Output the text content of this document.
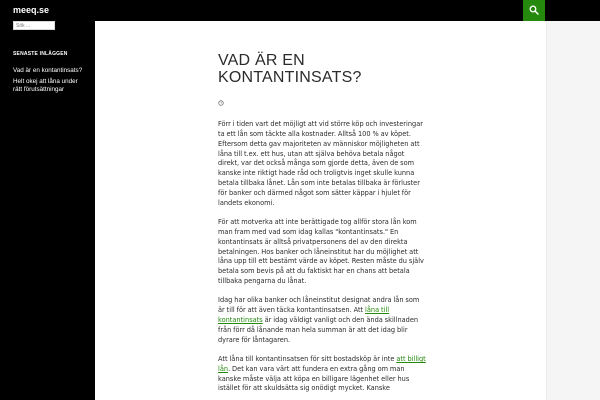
meeq.se
Sök ...
SENASTE INLÄGGEN
Vad är en kontantinsats?
Helt okej att låna under rätt förutsättningar
VAD ÄR EN KONTANTINSATS?

Förr i tiden vart det möjligt att vid större köp och investeringar ta ett lån som täckte alla kostnader. Alltså 100 % av köpet. Eftersom detta gav majoriteten av människor möjligheten att låna till t.ex. ett hus, utan att själva behöva betala något direkt, var det också många som gjorde detta, även de som kanske inte riktigt hade råd och troligtvis inget skulle kunna betala tillbaka lånet. Lån som inte betalas tillbaka är förluster för banker och därmed något som sätter käppar i hjulet för landets ekonomi.

För att motverka att inte berättigade tog allför stora lån kom man fram med vad som idag kallas "kontantinsats." En kontantinsats är alltså privatpersonens del av den direkta betalningen. Hos banker och låneinstitut har du möjlighet att låna upp till ett bestämt värde av köpet. Resten måste du själv betala som bevis på att du faktiskt har en chans att betala tillbaka pengarna du lånat.

Idag har olika banker och låneinstitut designat andra lån som är till för att även täcka kontantinsatsen. Att låna till kontantinsats är idag väldigt vanligt och den ända skillnaden från förr då lånande man hela summan är att det idag blir dyrare för låntagaren.

Att låna till kontantinsatsen för sitt bostadsköp är inte att billigt lån. Det kan vara värt att fundera en extra gång om man kanske måste välja att köpa en billigare lägenhet eller hus istället för att skuldsätta sig onödigt mycket. Kanske
